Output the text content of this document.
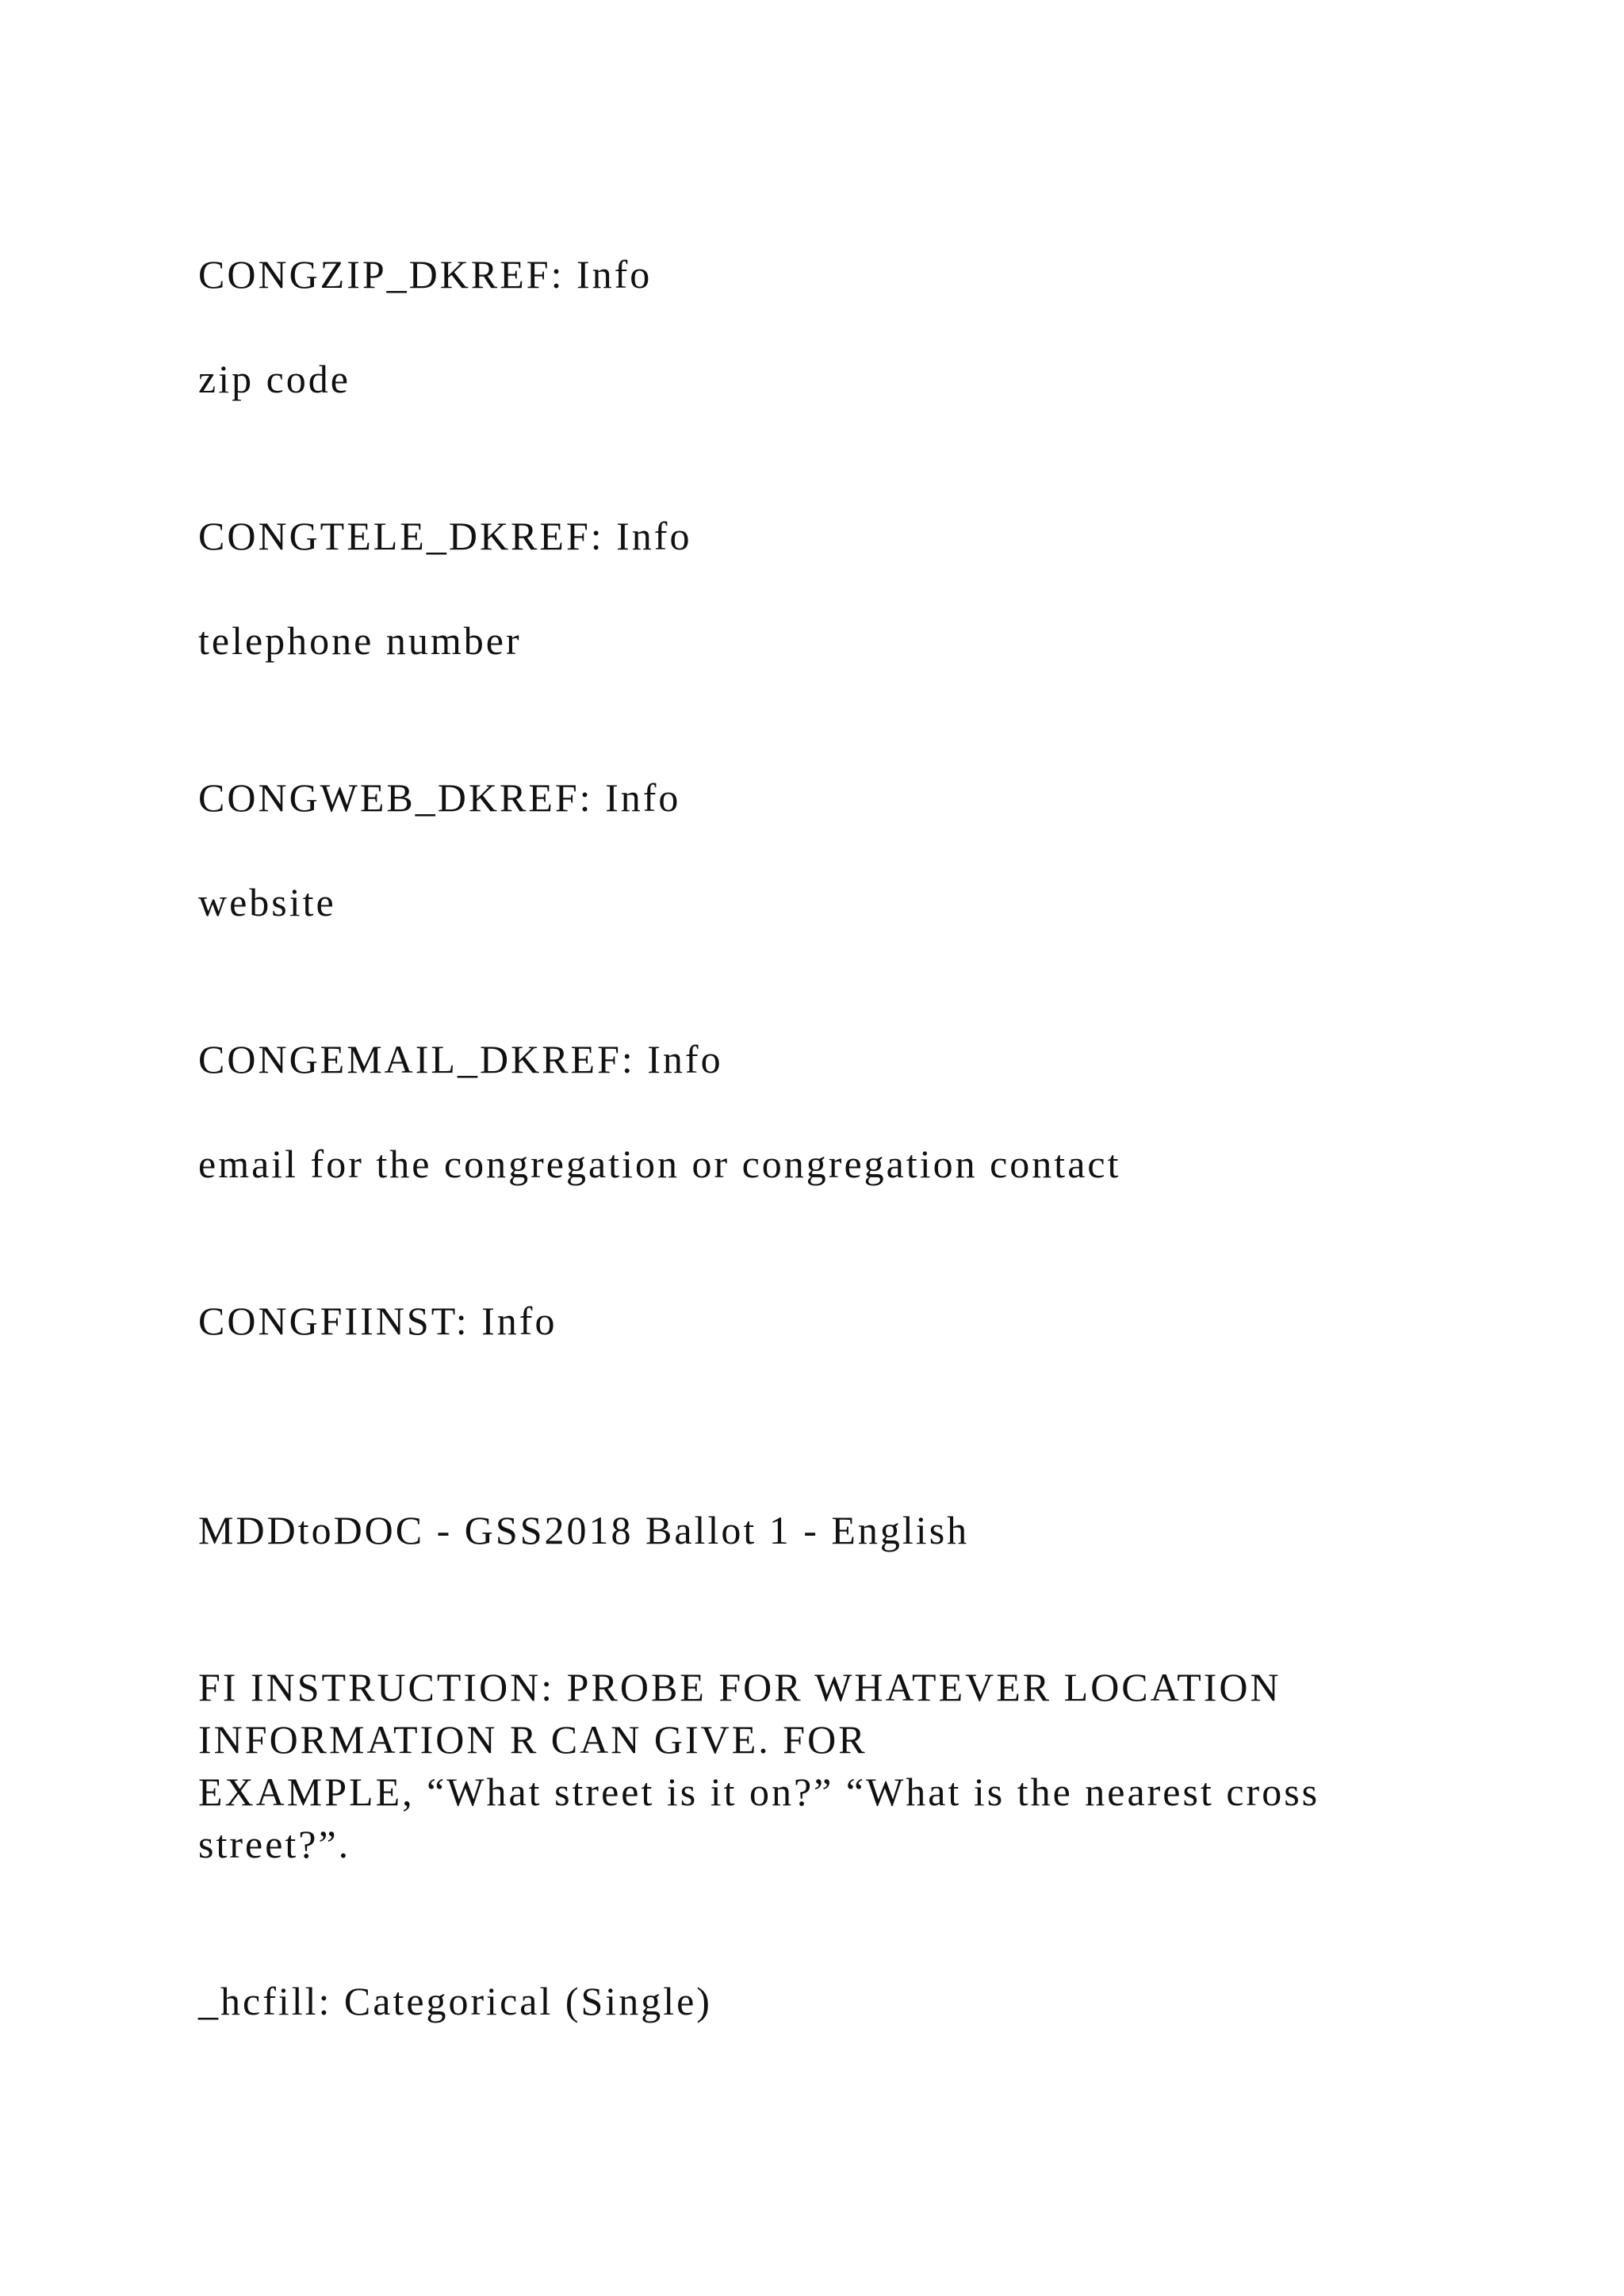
CONGZIP_DKREF: Info

zip code

CONGTELE_DKREF: Info

telephone number

CONGWEB_DKREF: Info

website

CONGEMAIL_DKREF: Info

email for the congregation or congregation contact

CONGFIINST: Info

MDDtoDOC - GSS2018 Ballot 1 - English

FI INSTRUCTION: PROBE FOR WHATEVER LOCATION
INFORMATION R CAN GIVE. FOR
EXAMPLE, “What street is it on?” “What is the nearest cross
street?”.

_hcfill: Categorical (Single)
